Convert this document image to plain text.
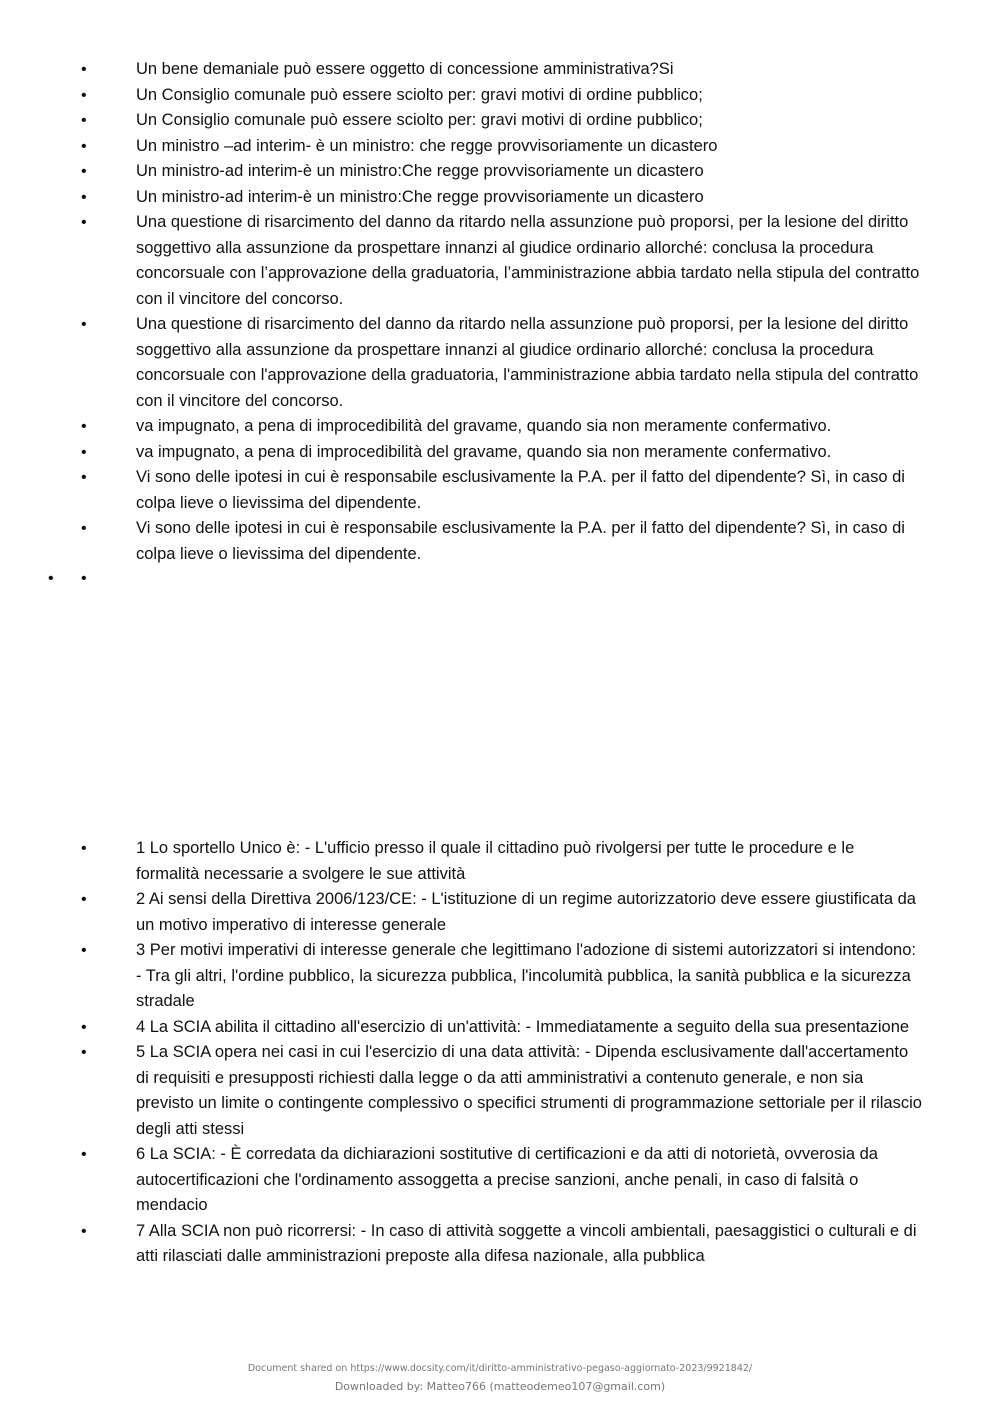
•	Un bene demaniale può essere oggetto di concessione amministrativa?Si
•	Un Consiglio comunale può essere sciolto per: gravi motivi di ordine pubblico;
•	Un Consiglio comunale può essere sciolto per: gravi motivi di ordine pubblico;
•	Un ministro –ad interim- è un ministro: che regge provvisoriamente un dicastero
•	Un ministro-ad interim-è un ministro:Che regge provvisoriamente un dicastero
•	Un ministro-ad interim-è un ministro:Che regge provvisoriamente un dicastero
•	Una questione di risarcimento del danno da ritardo nella assunzione può proporsi, per la lesione del diritto soggettivo alla assunzione da prospettare innanzi al giudice ordinario allorché: conclusa la procedura concorsuale con l’approvazione della graduatoria, l’amministrazione abbia tardato nella stipula del contratto con il vincitore del concorso.
•	Una questione di risarcimento del danno da ritardo nella assunzione può proporsi, per la lesione del diritto soggettivo alla assunzione da prospettare innanzi al giudice ordinario allorché: conclusa la procedura concorsuale con l'approvazione della graduatoria, l'amministrazione abbia tardato nella stipula del contratto con il vincitore del concorso.
•	va impugnato, a pena di improcedibilità del gravame, quando sia non meramente confermativo.
•	va impugnato, a pena di improcedibilità del gravame, quando sia non meramente confermativo.
•	Vi sono delle ipotesi in cui è responsabile esclusivamente la P.A. per il fatto del dipendente? Sì, in caso di colpa lieve o lievissima del dipendente.
•	Vi sono delle ipotesi in cui è responsabile esclusivamente la P.A. per il fatto del dipendente? Sì, in caso di colpa lieve o lievissima del dipendente.
• •
•	1 Lo sportello Unico è: - L'ufficio presso il quale il cittadino può rivolgersi per tutte le procedure e le formalità necessarie a svolgere le sue attività
•	2 Ai sensi della Direttiva 2006/123/CE: - L'istituzione di un regime autorizzatorio deve essere giustificata da un motivo imperativo di interesse generale
•	3 Per motivi imperativi di interesse generale che legittimano l'adozione di sistemi autorizzatori si intendono: - Tra gli altri, l'ordine pubblico, la sicurezza pubblica, l'incolumità pubblica, la sanità pubblica e la sicurezza stradale
•	4 La SCIA abilita il cittadino all'esercizio di un'attività: - Immediatamente a seguito della sua presentazione
•	5 La SCIA opera nei casi in cui l'esercizio di una data attività: - Dipenda esclusivamente dall'accertamento di requisiti e presupposti richiesti dalla legge o da atti amministrativi a contenuto generale, e non sia previsto un limite o contingente complessivo o specifici strumenti di programmazione settoriale per il rilascio degli atti stessi
•	6 La SCIA: - È corredata da dichiarazioni sostitutive di certificazioni e da atti di notorietà, ovverosia da autocertificazioni che l'ordinamento assoggetta a precise sanzioni, anche penali, in caso di falsità o mendacio
•	7 Alla SCIA non può ricorrersi: - In caso di attività soggette a vincoli ambientali, paesaggistici o culturali e di atti rilasciati dalle amministrazioni preposte alla difesa nazionale, alla pubblica
Document shared on https://www.docsity.com/it/diritto-amministrativo-pegaso-aggiornato-2023/9921842/
Downloaded by: Matteo766 (matteodemeo107@gmail.com)
